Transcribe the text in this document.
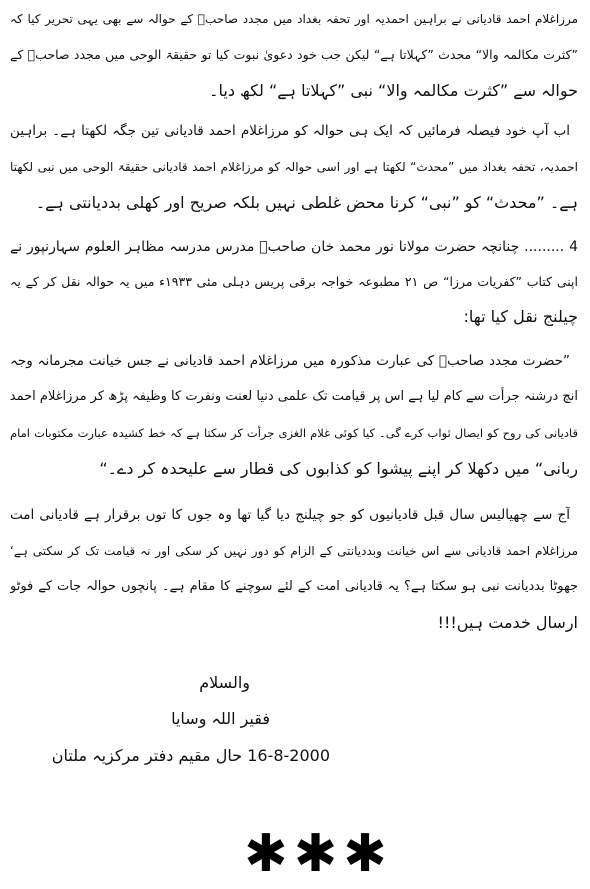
مرزاغلام احمد قادیانی نے براہین احمدیہ اور تحفہ بغداد میں مجدد صاحبؒ کے حوالہ سے بھی یہی تحریر کیا کہ
”کثرت مکالمہ والا“ محدث ”کہلاتا ہے“ لیکن جب خود دعویٰ نبوت کیا تو حقیقۃ الوحی میں مجدد صاحبؒ کے
حوالہ سے ”کثرت مکالمہ والا“ نبی ”کہلاتا ہے“ لکھ دیا۔
اب آپ خود فیصلہ فرمائیں کہ ایک ہی حوالہ کو مرزاغلام احمد قادیانی تین جگہ لکھتا ہے۔ براہین
احمدیہ، تحفہ بغداد میں ”محدث“ لکھتا ہے اور اسی حوالہ کو مرزاغلام احمد قادیانی حقیقۃ الوحی میں نبی لکھتا
ہے۔ ”محدث“ کو ”نبی“ کرنا محض غلطی نہیں بلکہ صریح اور کھلی بددیانتی ہے۔
4 ......... چنانچہ حضرت مولانا نور محمد خان صاحبؒ مدرس مدرسہ مظاہر العلوم سہارنپور نے
اپنی کتاب ”کفریات مرزا“ ص ۲۱ مطبوعہ خواجہ برقی پریس دہلی مئی ۱۹۳۳ء میں یہ حوالہ نقل کر کے یہ
چیلنج نقل کیا تھا:
”حضرت مجدد صاحبؒ کی عبارت مذکورہ میں مرزاغلام احمد قادیانی نے جس خیانت مجرمانہ وجہ
انچ درشنہ جرأت سے کام لیا ہے اس پر قیامت تک علمی دنیا لعنت ونفرت کا وظیفہ پڑھ کر مرزاغلام احمد
قادیانی کی روح کو ایصال ثواب کرے گی۔ کیا کوئی غلام الغزی جرأت کر سکتا ہے کہ خط کشیدہ عبارت مکتوبات امام
ربانی“ میں دکھلا کر اپنے پیشوا کو کذابوں کی قطار سے علیحدہ کر دے۔“
آج سے چھیالیس سال قبل قادیانیوں کو جو چیلنج دیا گیا تھا وہ جوں کا توں برقرار ہے قادیانی امت
مرزاغلام احمد قادیانی سے اس خیانت وبددیانتی کے الزام کو دور نہیں کر سکی اور نہ قیامت تک کر سکتی ہے‘
جھوٹا بددیانت نبی ہو سکتا ہے؟ یہ قادیانی امت کے لئے سوچنے کا مقام ہے۔ پانچوں حوالہ جات کے فوٹو
ارسال خدمت ہیں!!!
والسلام
فقیر اللہ وسایا
16-8-2000 حال مقیم دفتر مرکزیہ ملتان
✱✱✱
